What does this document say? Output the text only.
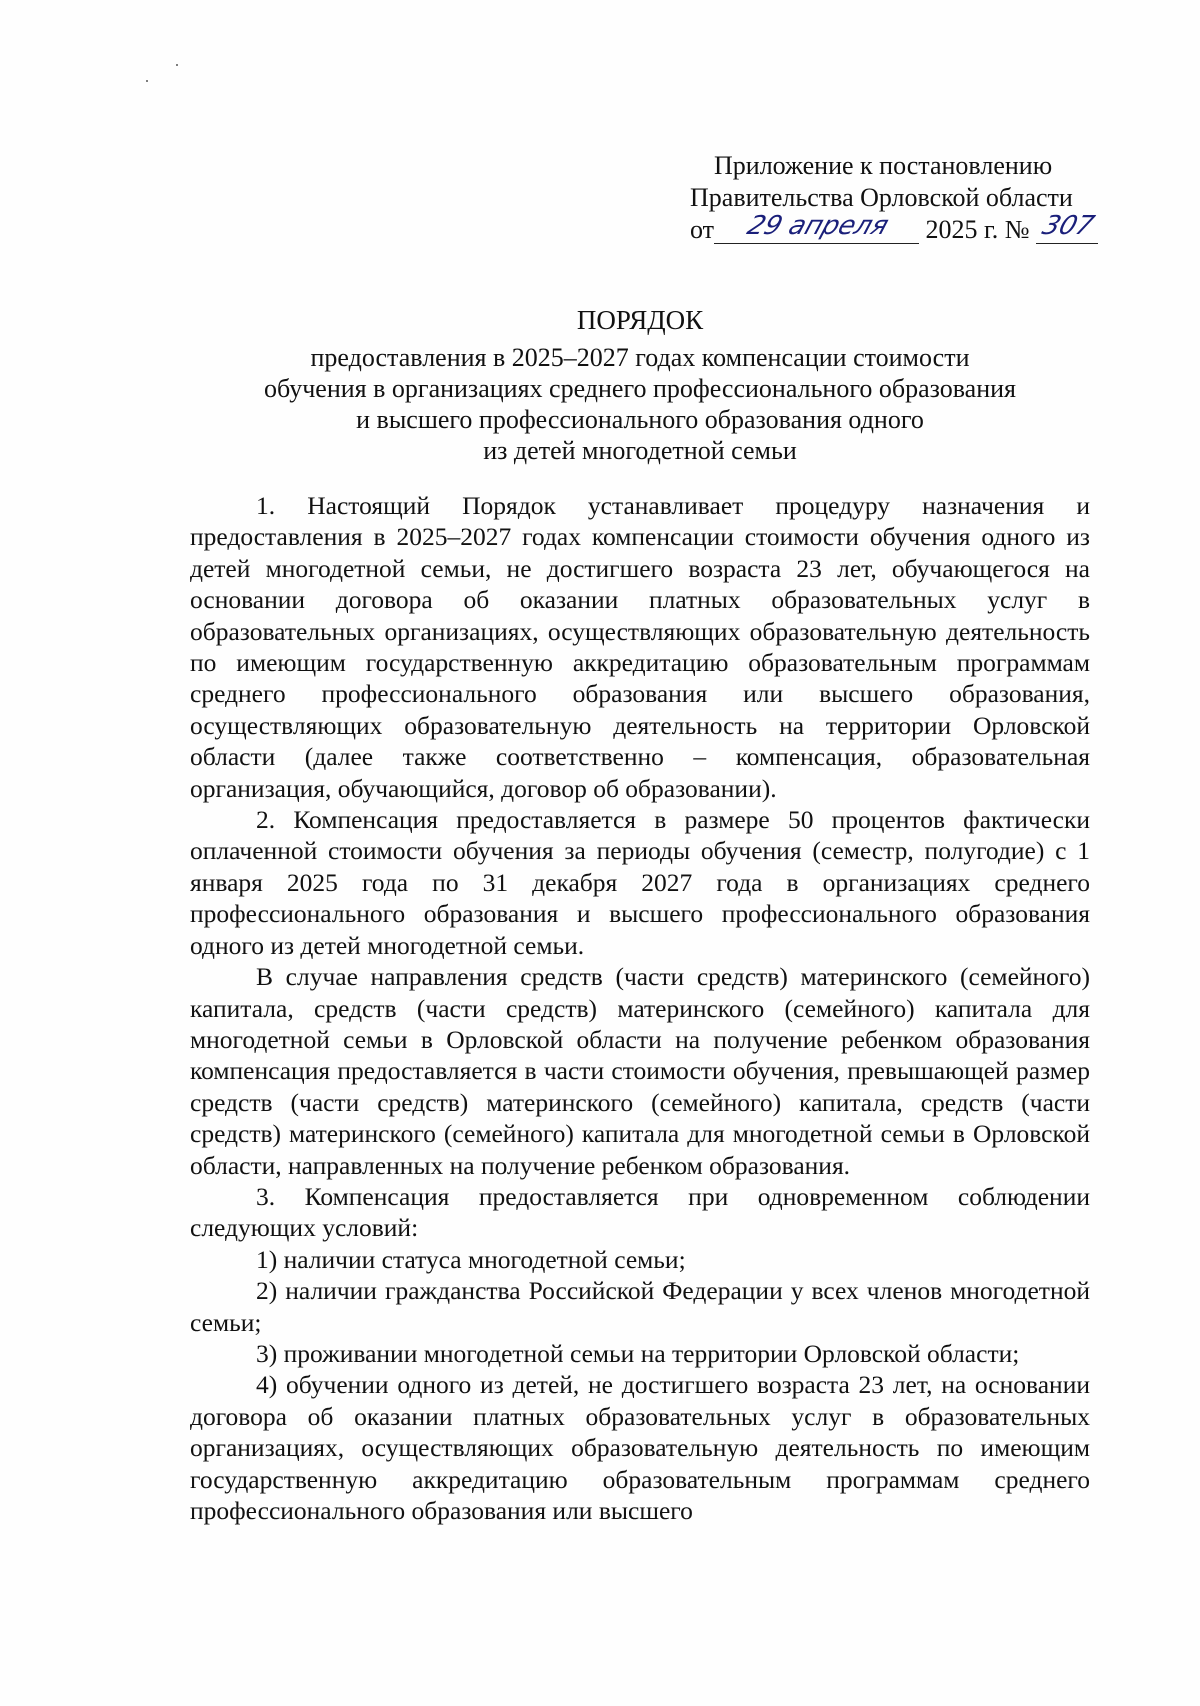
Приложение к постановлению
Правительства Орловской области
от 29 апреля 2025 г. № 307
ПОРЯДОК
предоставления в 2025–2027 годах компенсации стоимости
обучения в организациях среднего профессионального образования
и высшего профессионального образования одного
из детей многодетной семьи

1. Настоящий Порядок устанавливает процедуру назначения и предоставления в 2025–2027 годах компенсации стоимости обучения одного из детей многодетной семьи, не достигшего возраста 23 лет, обучающегося на основании договора об оказании платных образовательных услуг в образовательных организациях, осуществляющих образовательную деятельность по имеющим государственную аккредитацию образовательным программам среднего профессионального образования или высшего образования, осуществляющих образовательную деятельность на территории Орловской области (далее также соответственно – компенсация, образовательная организация, обучающийся, договор об образовании).

2. Компенсация предоставляется в размере 50 процентов фактически оплаченной стоимости обучения за периоды обучения (семестр, полугодие) с 1 января 2025 года по 31 декабря 2027 года в организациях среднего профессионального образования и высшего профессионального образования одного из детей многодетной семьи.

В случае направления средств (части средств) материнского (семейного) капитала, средств (части средств) материнского (семейного) капитала для многодетной семьи в Орловской области на получение ребенком образования компенсация предоставляется в части стоимости обучения, превышающей размер средств (части средств) материнского (семейного) капитала, средств (части средств) материнского (семейного) капитала для многодетной семьи в Орловской области, направленных на получение ребенком образования.

3. Компенсация предоставляется при одновременном соблюдении следующих условий:

1) наличии статуса многодетной семьи;

2) наличии гражданства Российской Федерации у всех членов многодетной семьи;

3) проживании многодетной семьи на территории Орловской области;

4) обучении одного из детей, не достигшего возраста 23 лет, на основании договора об оказании платных образовательных услуг в образовательных организациях, осуществляющих образовательную деятельность по имеющим государственную аккредитацию образовательным программам среднего профессионального образования или высшего
